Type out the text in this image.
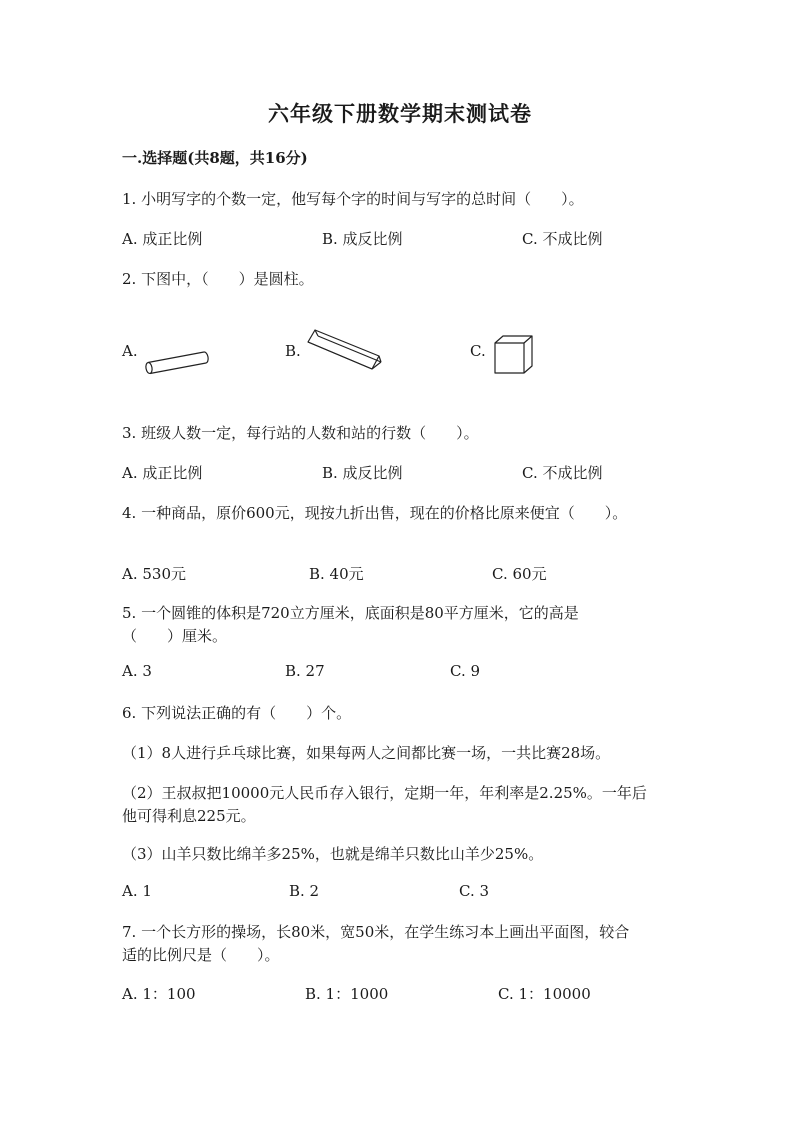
六年级下册数学期末测试卷
一.选择题(共8题，共16分)
1. 小明写字的个数一定，他写每个字的时间与写字的总时间（　　）。
A. 成正比例	B. 成反比例	C. 不成比例
2. 下图中，（　　）是圆柱。
A.	B.	C.
3. 班级人数一定，每行站的人数和站的行数（　　）。
A. 成正比例	B. 成反比例	C. 不成比例
4. 一种商品，原价600元，现按九折出售，现在的价格比原来便宜（　　）。
A. 530元	B. 40元	C. 60元
5. 一个圆锥的体积是720立方厘米，底面积是80平方厘米，它的高是
（　　）厘米。
A. 3	B. 27	C. 9
6. 下列说法正确的有（　　）个。
（1）8人进行乒乓球比赛，如果每两人之间都比赛一场，一共比赛28场。
（2）王叔叔把10000元人民币存入银行，定期一年，年利率是2.25%。一年后
他可得利息225元。
（3）山羊只数比绵羊多25%，也就是绵羊只数比山羊少25%。
A. 1	B. 2	C. 3
7. 一个长方形的操场，长80米，宽50米，在学生练习本上画出平面图，较合
适的比例尺是（　　）。
A. 1：100	B. 1：1000	C. 1：10000
